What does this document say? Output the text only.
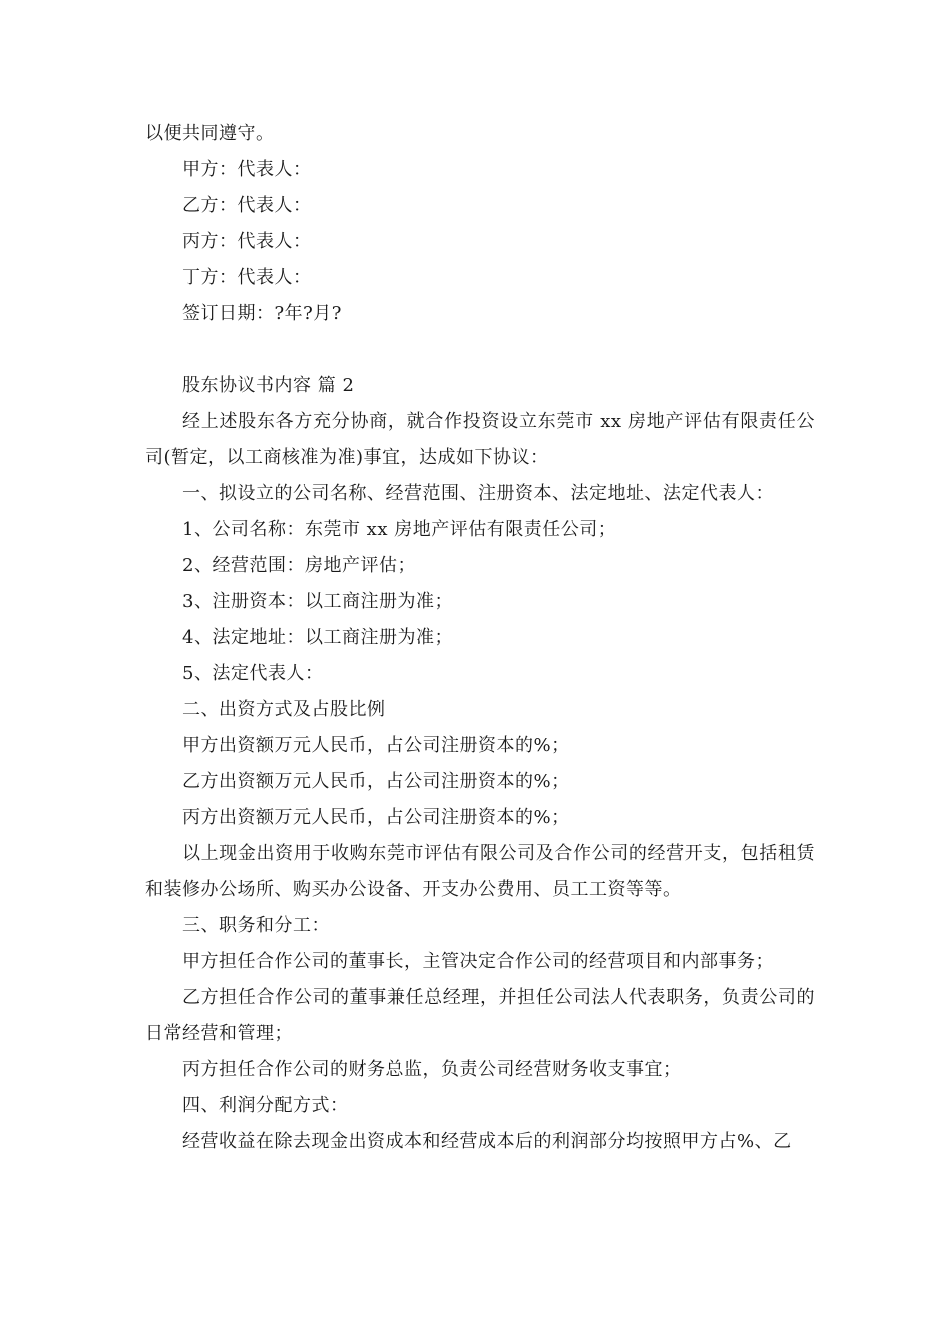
以便共同遵守。

甲方：代表人：

乙方：代表人：

丙方：代表人：

丁方：代表人：

签订日期：?年?月?

股东协议书内容 篇 2

经上述股东各方充分协商，就合作投资设立东莞市 xx 房地产评估有限责任公司(暂定，以工商核准为准)事宜，达成如下协议：

一、拟设立的公司名称、经营范围、注册资本、法定地址、法定代表人：

1、公司名称：东莞市 xx 房地产评估有限责任公司；

2、经营范围：房地产评估；

3、注册资本：以工商注册为准；

4、法定地址：以工商注册为准；

5、法定代表人：

二、出资方式及占股比例

甲方出资额万元人民币，占公司注册资本的%；

乙方出资额万元人民币，占公司注册资本的%；

丙方出资额万元人民币，占公司注册资本的%；

以上现金出资用于收购东莞市评估有限公司及合作公司的经营开支，包括租赁和装修办公场所、购买办公设备、开支办公费用、员工工资等等。

三、职务和分工：

甲方担任合作公司的董事长，主管决定合作公司的经营项目和内部事务；

乙方担任合作公司的董事兼任总经理，并担任公司法人代表职务，负责公司的日常经营和管理；

丙方担任合作公司的财务总监，负责公司经营财务收支事宜；

四、利润分配方式：

经营收益在除去现金出资成本和经营成本后的利润部分均按照甲方占%、乙
